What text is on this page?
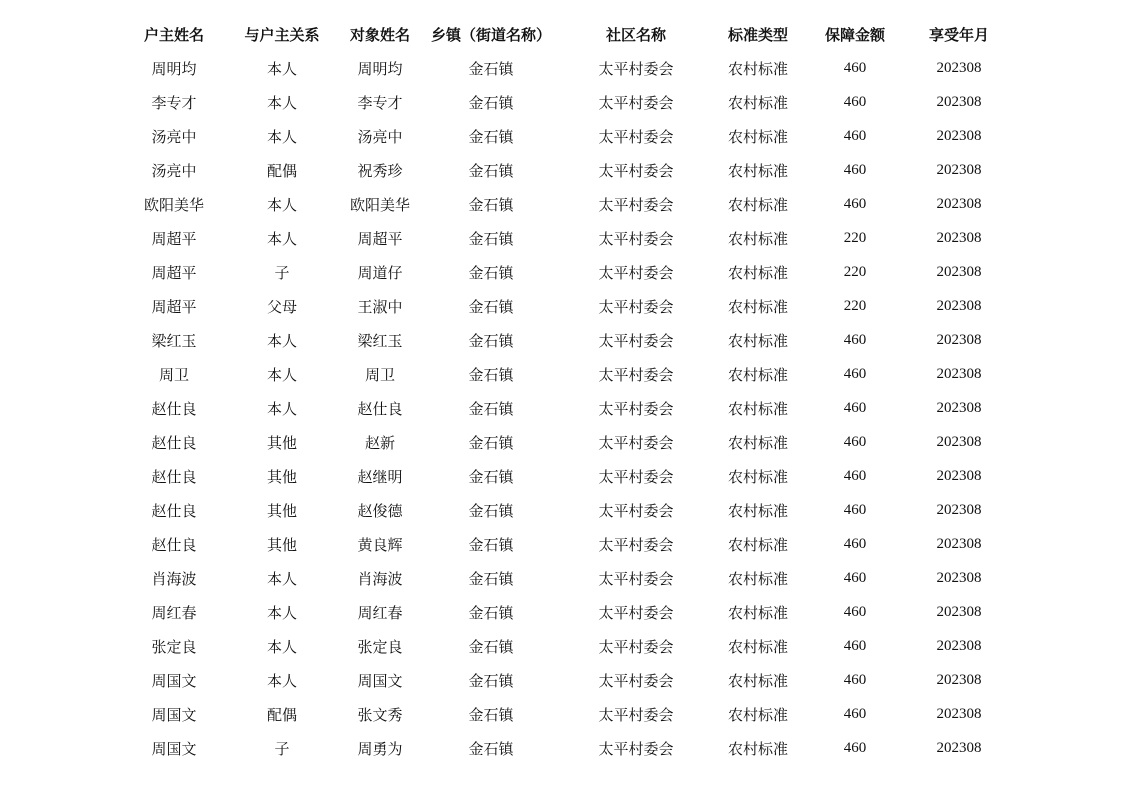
户主姓名	与户主关系	对象姓名	乡镇（街道名称）	社区名称	标准类型	保障金额	享受年月
周明均	本人	周明均	金石镇	太平村委会	农村标准	460	202308
李专才	本人	李专才	金石镇	太平村委会	农村标准	460	202308
汤亮中	本人	汤亮中	金石镇	太平村委会	农村标准	460	202308
汤亮中	配偶	祝秀珍	金石镇	太平村委会	农村标准	460	202308
欧阳美华	本人	欧阳美华	金石镇	太平村委会	农村标准	460	202308
周超平	本人	周超平	金石镇	太平村委会	农村标准	220	202308
周超平	子	周道仔	金石镇	太平村委会	农村标准	220	202308
周超平	父母	王淑中	金石镇	太平村委会	农村标准	220	202308
梁红玉	本人	梁红玉	金石镇	太平村委会	农村标准	460	202308
周卫	本人	周卫	金石镇	太平村委会	农村标准	460	202308
赵仕良	本人	赵仕良	金石镇	太平村委会	农村标准	460	202308
赵仕良	其他	赵新	金石镇	太平村委会	农村标准	460	202308
赵仕良	其他	赵继明	金石镇	太平村委会	农村标准	460	202308
赵仕良	其他	赵俊德	金石镇	太平村委会	农村标准	460	202308
赵仕良	其他	黄良辉	金石镇	太平村委会	农村标准	460	202308
肖海波	本人	肖海波	金石镇	太平村委会	农村标准	460	202308
周红春	本人	周红春	金石镇	太平村委会	农村标准	460	202308
张定良	本人	张定良	金石镇	太平村委会	农村标准	460	202308
周国文	本人	周国文	金石镇	太平村委会	农村标准	460	202308
周国文	配偶	张文秀	金石镇	太平村委会	农村标准	460	202308
周国文	子	周勇为	金石镇	太平村委会	农村标准	460	202308
